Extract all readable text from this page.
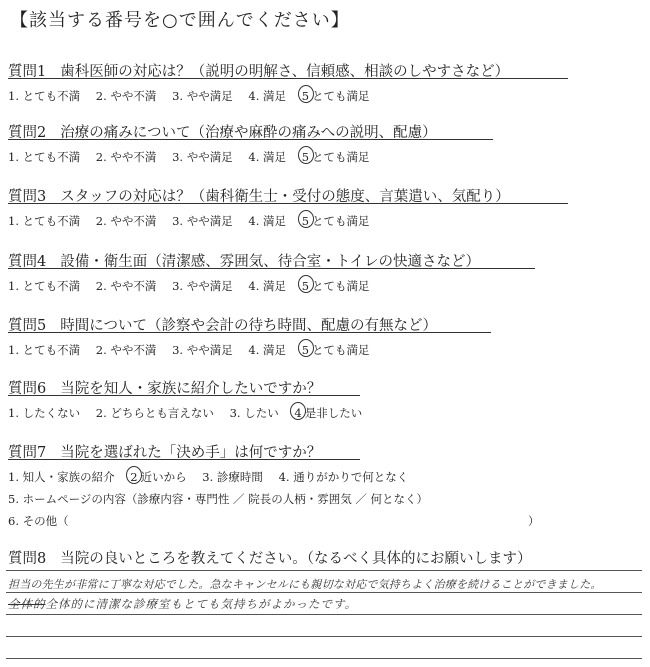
【該当する番号を○で囲んでください】
質問1 歯科医師の対応は？（説明の明解さ、信頼感、相談のしやすさなど）
1. とても不満 2. やや不満 3. やや満足 4. 満足 5 とても満足
質問2 治療の痛みについて（治療や麻酔の痛みへの説明、配慮）
1. とても不満 2. やや不満 3. やや満足 4. 満足 5 とても満足
質問3 スタッフの対応は？（歯科衛生士・受付の態度、言葉遣い、気配り）
1. とても不満 2. やや不満 3. やや満足 4. 満足 5 とても満足
質問4 設備・衛生面（清潔感、雰囲気、待合室・トイレの快適さなど）
1. とても不満 2. やや不満 3. やや満足 4. 満足 5 とても満足
質問5 時間について（診察や会計の待ち時間、配慮の有無など）
1. とても不満 2. やや不満 3. やや満足 4. 満足 5 とても満足
質問6 当院を知人・家族に紹介したいですか？
1. したくない 2. どちらとも言えない 3. したい 4 是非したい
質問7 当院を選ばれた「決め手」は何ですか？
1. 知人・家族の紹介 2 近いから 3. 診療時間 4. 通りがかりで何となく
5. ホームページの内容（診療内容・専門性 ／ 院長の人柄・雰囲気 ／ 何となく）
6. その他（	）
質問8 当院の良いところを教えてください。（なるべく具体的にお願いします）
担当の先生が非常に丁寧な対応でした。急なキャンセルにも親切な対応で気持ちよく治療を続けることができました。
全体的全体的に清潔な診療室もとても気持ちがよかったです。
